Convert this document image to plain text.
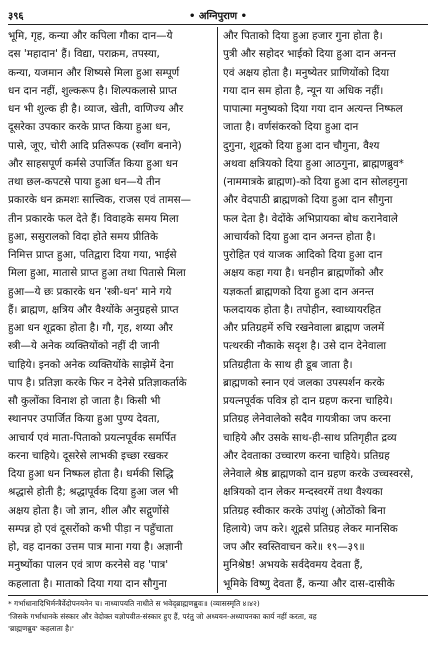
३९६	• अग्निपुराण •
भूमि, गृह, कन्या और कपिला गौका दान—ये
दस 'महादान' हैं। विद्या, पराक्रम, तपस्या,
कन्या, यजमान और शिष्यसे मिला हुआ सम्पूर्ण
धन दान नहीं, शुल्करूप है। शिल्पकलासे प्राप्त
धन भी शुल्क ही है। व्याज, खेती, वाणिज्य और
दूसरेका उपकार करके प्राप्त किया हुआ धन,
पासे, जूए, चोरी आदि प्रतिरूपक (स्वाँग बनाने)
और साहसपूर्ण कर्मसे उपार्जित किया हुआ धन
तथा छल-कपटसे पाया हुआ धन—ये तीन
प्रकारके धन क्रमशः सात्त्विक, राजस एवं तामस—
तीन प्रकारके फल देते हैं। विवाहके समय मिला
हुआ, ससुरालको विदा होते समय प्रीतिके
निमित्त प्राप्त हुआ, पतिद्वारा दिया गया, भाईसे
मिला हुआ, मातासे प्राप्त हुआ तथा पितासे मिला
हुआ—ये छः प्रकारके धन 'स्त्री-धन' माने गये
हैं। ब्राह्मण, क्षत्रिय और वैश्योंके अनुग्रहसे प्राप्त
हुआ धन शूद्रका होता है। गौ, गृह, शय्या और
स्त्री—ये अनेक व्यक्तियोंको नहीं दी जानी
चाहिये। इनको अनेक व्यक्तियोंके साझेमें देना
पाप है। प्रतिज्ञा करके फिर न देनेसे प्रतिज्ञाकर्ताके
सौ कुलोंका विनाश हो जाता है। किसी भी
स्थानपर उपार्जित किया हुआ पुण्य देवता,
आचार्य एवं माता-पिताको प्रयत्नपूर्वक समर्पित
करना चाहिये। दूसरेसे लाभकी इच्छा रखकर
दिया हुआ धन निष्फल होता है। धर्मकी सिद्धि
श्रद्धासे होती है; श्रद्धापूर्वक दिया हुआ जल भी
अक्षय होता है। जो ज्ञान, शील और सद्गुणोंसे
सम्पन्न हो एवं दूसरोंको कभी पीड़ा न पहुँचाता
हो, वह दानका उत्तम पात्र माना गया है। अज्ञानी
मनुष्योंका पालन एवं त्राण करनेसे वह 'पात्र'
कहलाता है। माताको दिया गया दान सौगुना
और पिताको दिया हुआ हजार गुना होता है।
पुत्री और सहोदर भाईको दिया हुआ दान अनन्त
एवं अक्षय होता है। मनुष्येतर प्राणियोंको दिया
गया दान सम होता है, न्यून या अधिक नहीं।
पापात्मा मनुष्यको दिया गया दान अत्यन्त निष्फल
जाता है। वर्णसंकरको दिया हुआ दान
दुगुना, शूद्रको दिया हुआ दान चौगुना, वैश्य
अथवा क्षत्रियको दिया हुआ आठगुना, ब्राह्मणब्रुव*
(नाममात्रके ब्राह्मण)-को दिया हुआ दान सोलहगुना
और वेदपाठी ब्राह्मणको दिया हुआ दान सौगुना
फल देता है। वेदोंके अभिप्रायका बोध करानेवाले
आचार्यको दिया हुआ दान अनन्त होता है।
पुरोहित एवं याजक आदिको दिया हुआ दान
अक्षय कहा गया है। धनहीन ब्राह्मणोंको और
यज्ञकर्ता ब्राह्मणको दिया हुआ दान अनन्त
फलदायक होता है। तपोहीन, स्वाध्यायरहित
और प्रतिग्रहमें रुचि रखनेवाला ब्राह्मण जलमें
पत्थरकी नौकाके सदृश है। उसे दान देनेवाला
प्रतिग्रहीता के साथ ही डूब जाता है।
ब्राह्मणको स्नान एवं जलका उपस्पर्शन करके
प्रयत्नपूर्वक पवित्र हो दान ग्रहण करना चाहिये।
प्रतिग्रह लेनेवालेको सदैव गायत्रीका जप करना
चाहिये और उसके साथ-ही-साथ प्रतिगृहीत द्रव्य
और देवताका उच्चारण करना चाहिये। प्रतिग्रह
लेनेवाले श्रेष्ठ ब्राह्मणको दान ग्रहण करके उच्चस्वरसे,
क्षत्रियको दान लेकर मन्दस्वरमें तथा वैश्यका
प्रतिग्रह स्वीकार करके उपांशु (ओठोंको बिना
हिलाये) जप करे। शूद्रसे प्रतिग्रह लेकर मानसिक
जप और स्वस्तिवाचन करे॥ १९—३९॥
मुनिश्रेष्ठ! अभयके सर्वदेवमय देवता हैं,
भूमिके विष्णु देवता हैं, कन्या और दास-दासीके
* गर्भाधानादिभिर्मन्त्रैर्वेदोपनयनेन च। नाध्यापयति नाधीते स भवेद्ब्राह्मणब्रुवः॥ (व्यासस्मृति ४।४२)
'जिसके गर्भाधानके संस्कार और वेदोक्त यज्ञोपवीत-संस्कार हुए हैं, परंतु जो अध्ययन-अध्यापनका कार्य नहीं करता, वह
'ब्राह्मणब्रुव' कहलाता है।'
